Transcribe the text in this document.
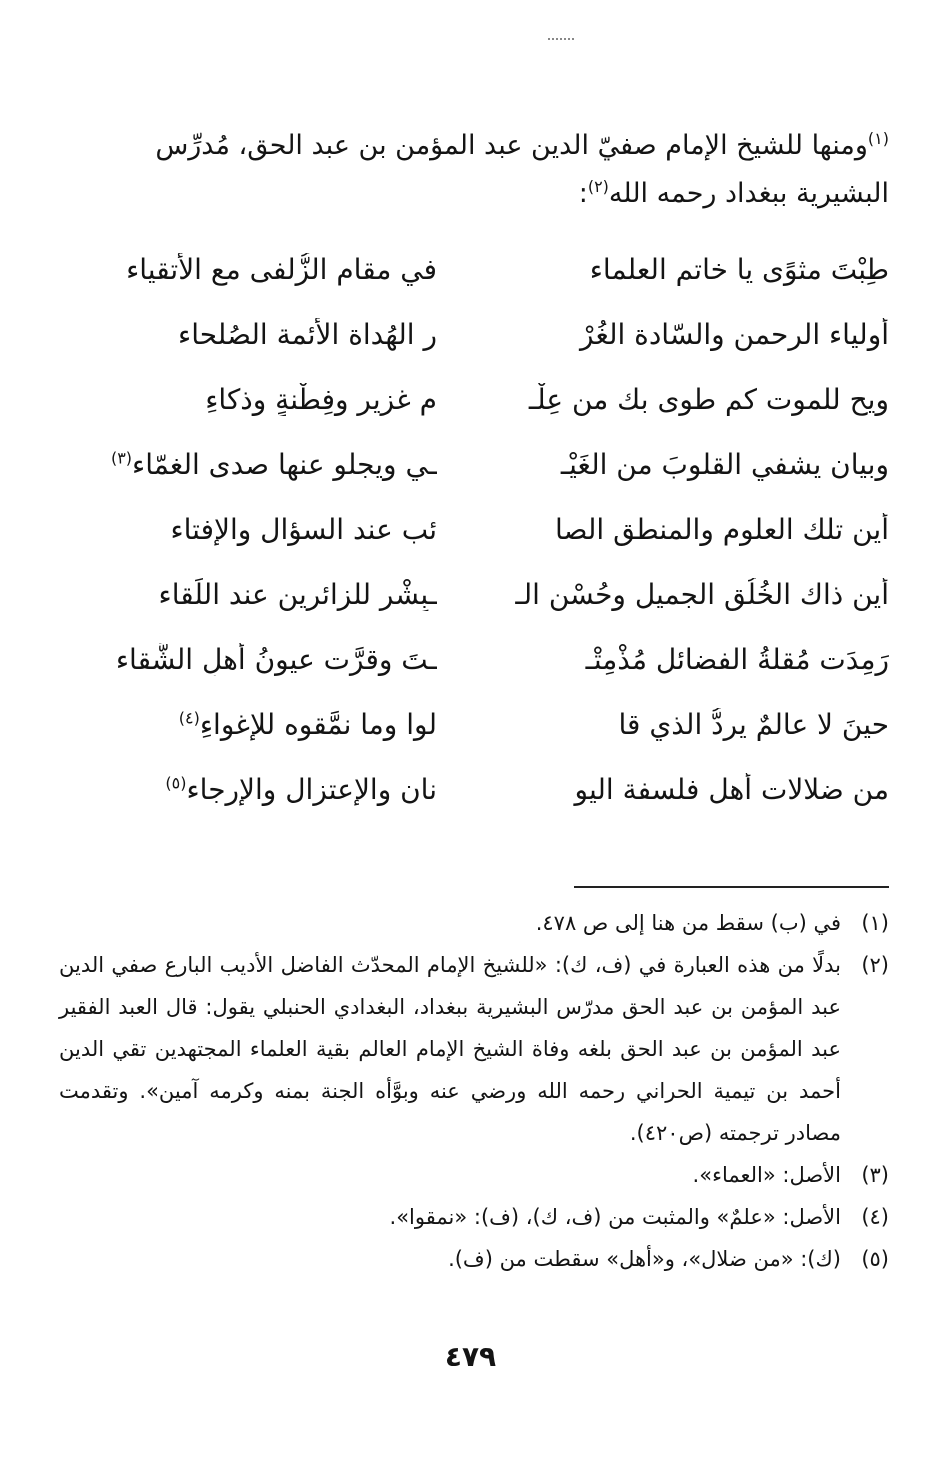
$^{(١)}$ومنها للشيخ الإمام صفيّ الدين عبد المؤمن بن عبد الحق، مُدرِّس

البشيرية ببغداد رحمه الله$^{(٢)}$:

طِبْتَ مثوًى يا خاتم العلماء
في مقام الزُّلفى مع الأتقياء
أولياء الرحمن والسّادة الغُرْ
رِ الهُداة الأئمة الصُلحاء
ويح للموت كم طوى بك من عِلْـ
مِ غزيرٍ وفِطْنةٍ وذكاءِ
وبيان يشفي القلوبَ من الغَيْـ
ـيِ ويجلو عنها صدى الغمّاء$^{(٣)}$
أين تلك العلوم والمنطق الصا
ئب عند السؤال والإفتاء
أين ذاك الخُلُق الجميل وحُسْن الـ
ـبِشْر للزائرين عند اللِّقاء
رَمِدَت مُقلةُ الفضائل مُذْمِتْـ
ـتَ وقرَّت عيونُ أهلِ الشَّقاء
حينَ لا عالمٌ يردُّ الذي قا
لوا وما نمَّقوه للإغواءِ$^{(٤)}$
من ضلالات أهل فلسفة اليو
نان والإعتزال والإرجاء$^{(٥)}$
(١)
في (ب) سقط من هنا إلى ص ٤٧٨.
(٢)
بدلًا من هذه العبارة في (ف، ك): «للشيخ الإمام المحدّث الفاضل الأديب البارع صفي الدين عبد المؤمن بن عبد الحق مدرّس البشيرية ببغداد، البغدادي الحنبلي يقول: قال العبد الفقير عبد المؤمن بن عبد الحق بلغه وفاة الشيخ الإمام العالم بقية العلماء المجتهدين تقي الدين أحمد بن تيمية الحراني رحمه الله ورضي عنه وبوَّأه الجنة بمنه وكرمه آمين». وتقدمت مصادر ترجمته (ص٤٢٠).
(٣)
الأصل: «العماء».
(٤)
الأصل: «علمٌ» والمثبت من (ف، ك)، (ف): «نمقوا».
(٥)
(ك): «من ضلال»، و«أهل» سقطت من (ف).
٤٧٩
